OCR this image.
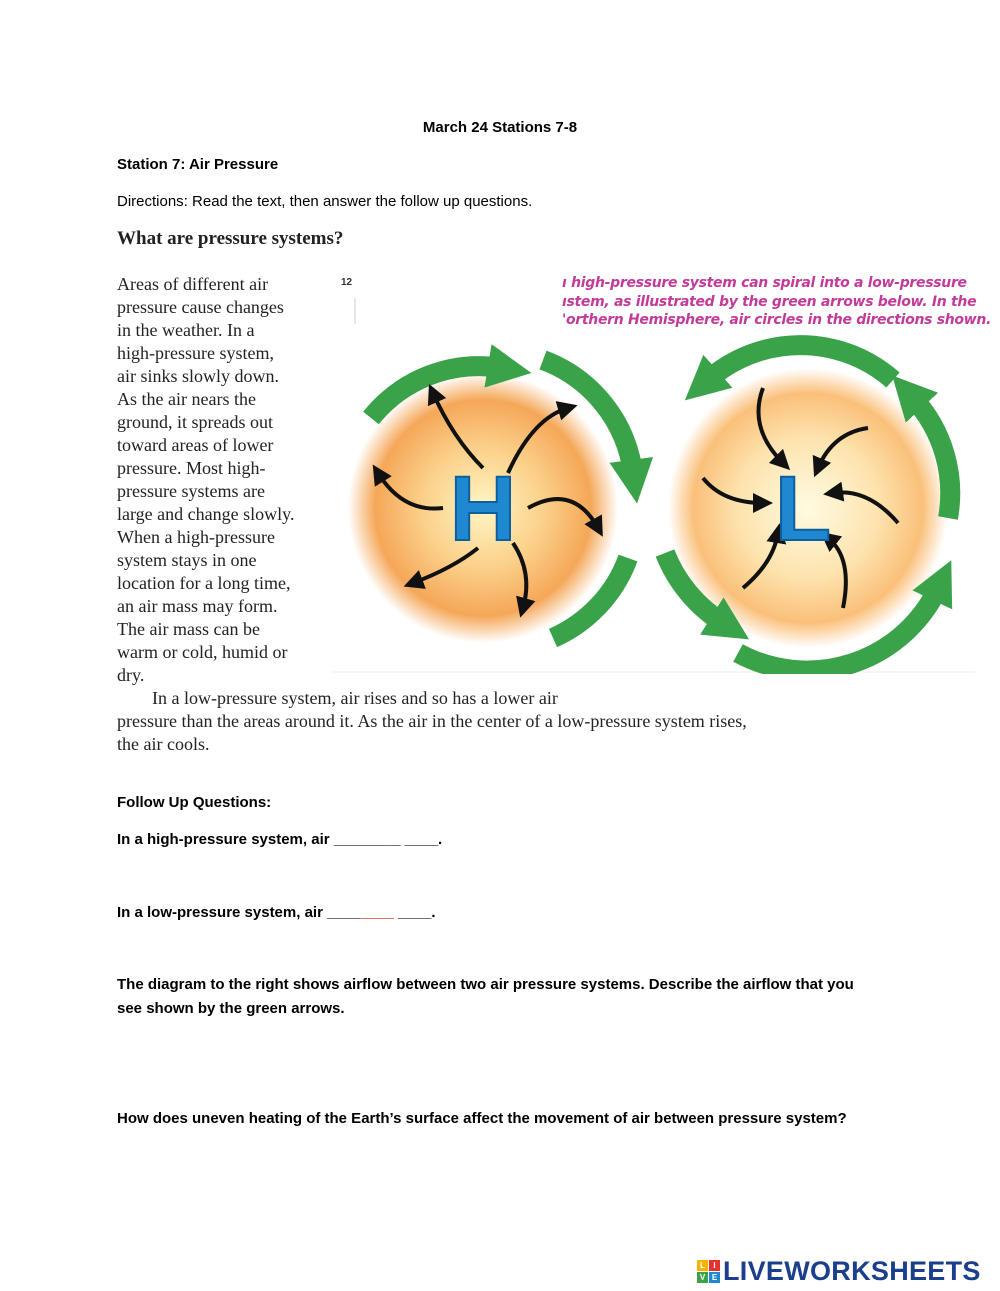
March 24 Stations 7-8
Station 7: Air Pressure
Directions: Read the text, then answer the follow up questions.
What are pressure systems?
Areas of different air
pressure cause changes
in the weather. In a
high-pressure system,
air sinks slowly down.
As the air nears the
ground, it spreads out
toward areas of lower
pressure. Most high-
pressure systems are
large and change slowly.
When a high-pressure
system stays in one
location for a long time,
an air mass may form.
The air mass can be
warm or cold, humid or
dry.
H	L
12	ı high-pressure system can spiral into a low-pressure
ıstem, as illustrated by the green arrows below. In the
'orthern Hemisphere, air circles in the directions shown.
In a low-pressure system, air rises and so has a lower air
pressure than the areas around it. As the air in the center of a low-pressure system rises,
the air cools.
Follow Up Questions:
In a high-pressure system, air ________ ____.
In a low-pressure system, air ________ ____.
The diagram to the right shows airflow between two air pressure systems. Describe the airflow that you see shown by the green arrows.
How does uneven heating of the Earth’s surface affect the movement of air between pressure system?
L	I
V E LIVEWORKSHEETS
